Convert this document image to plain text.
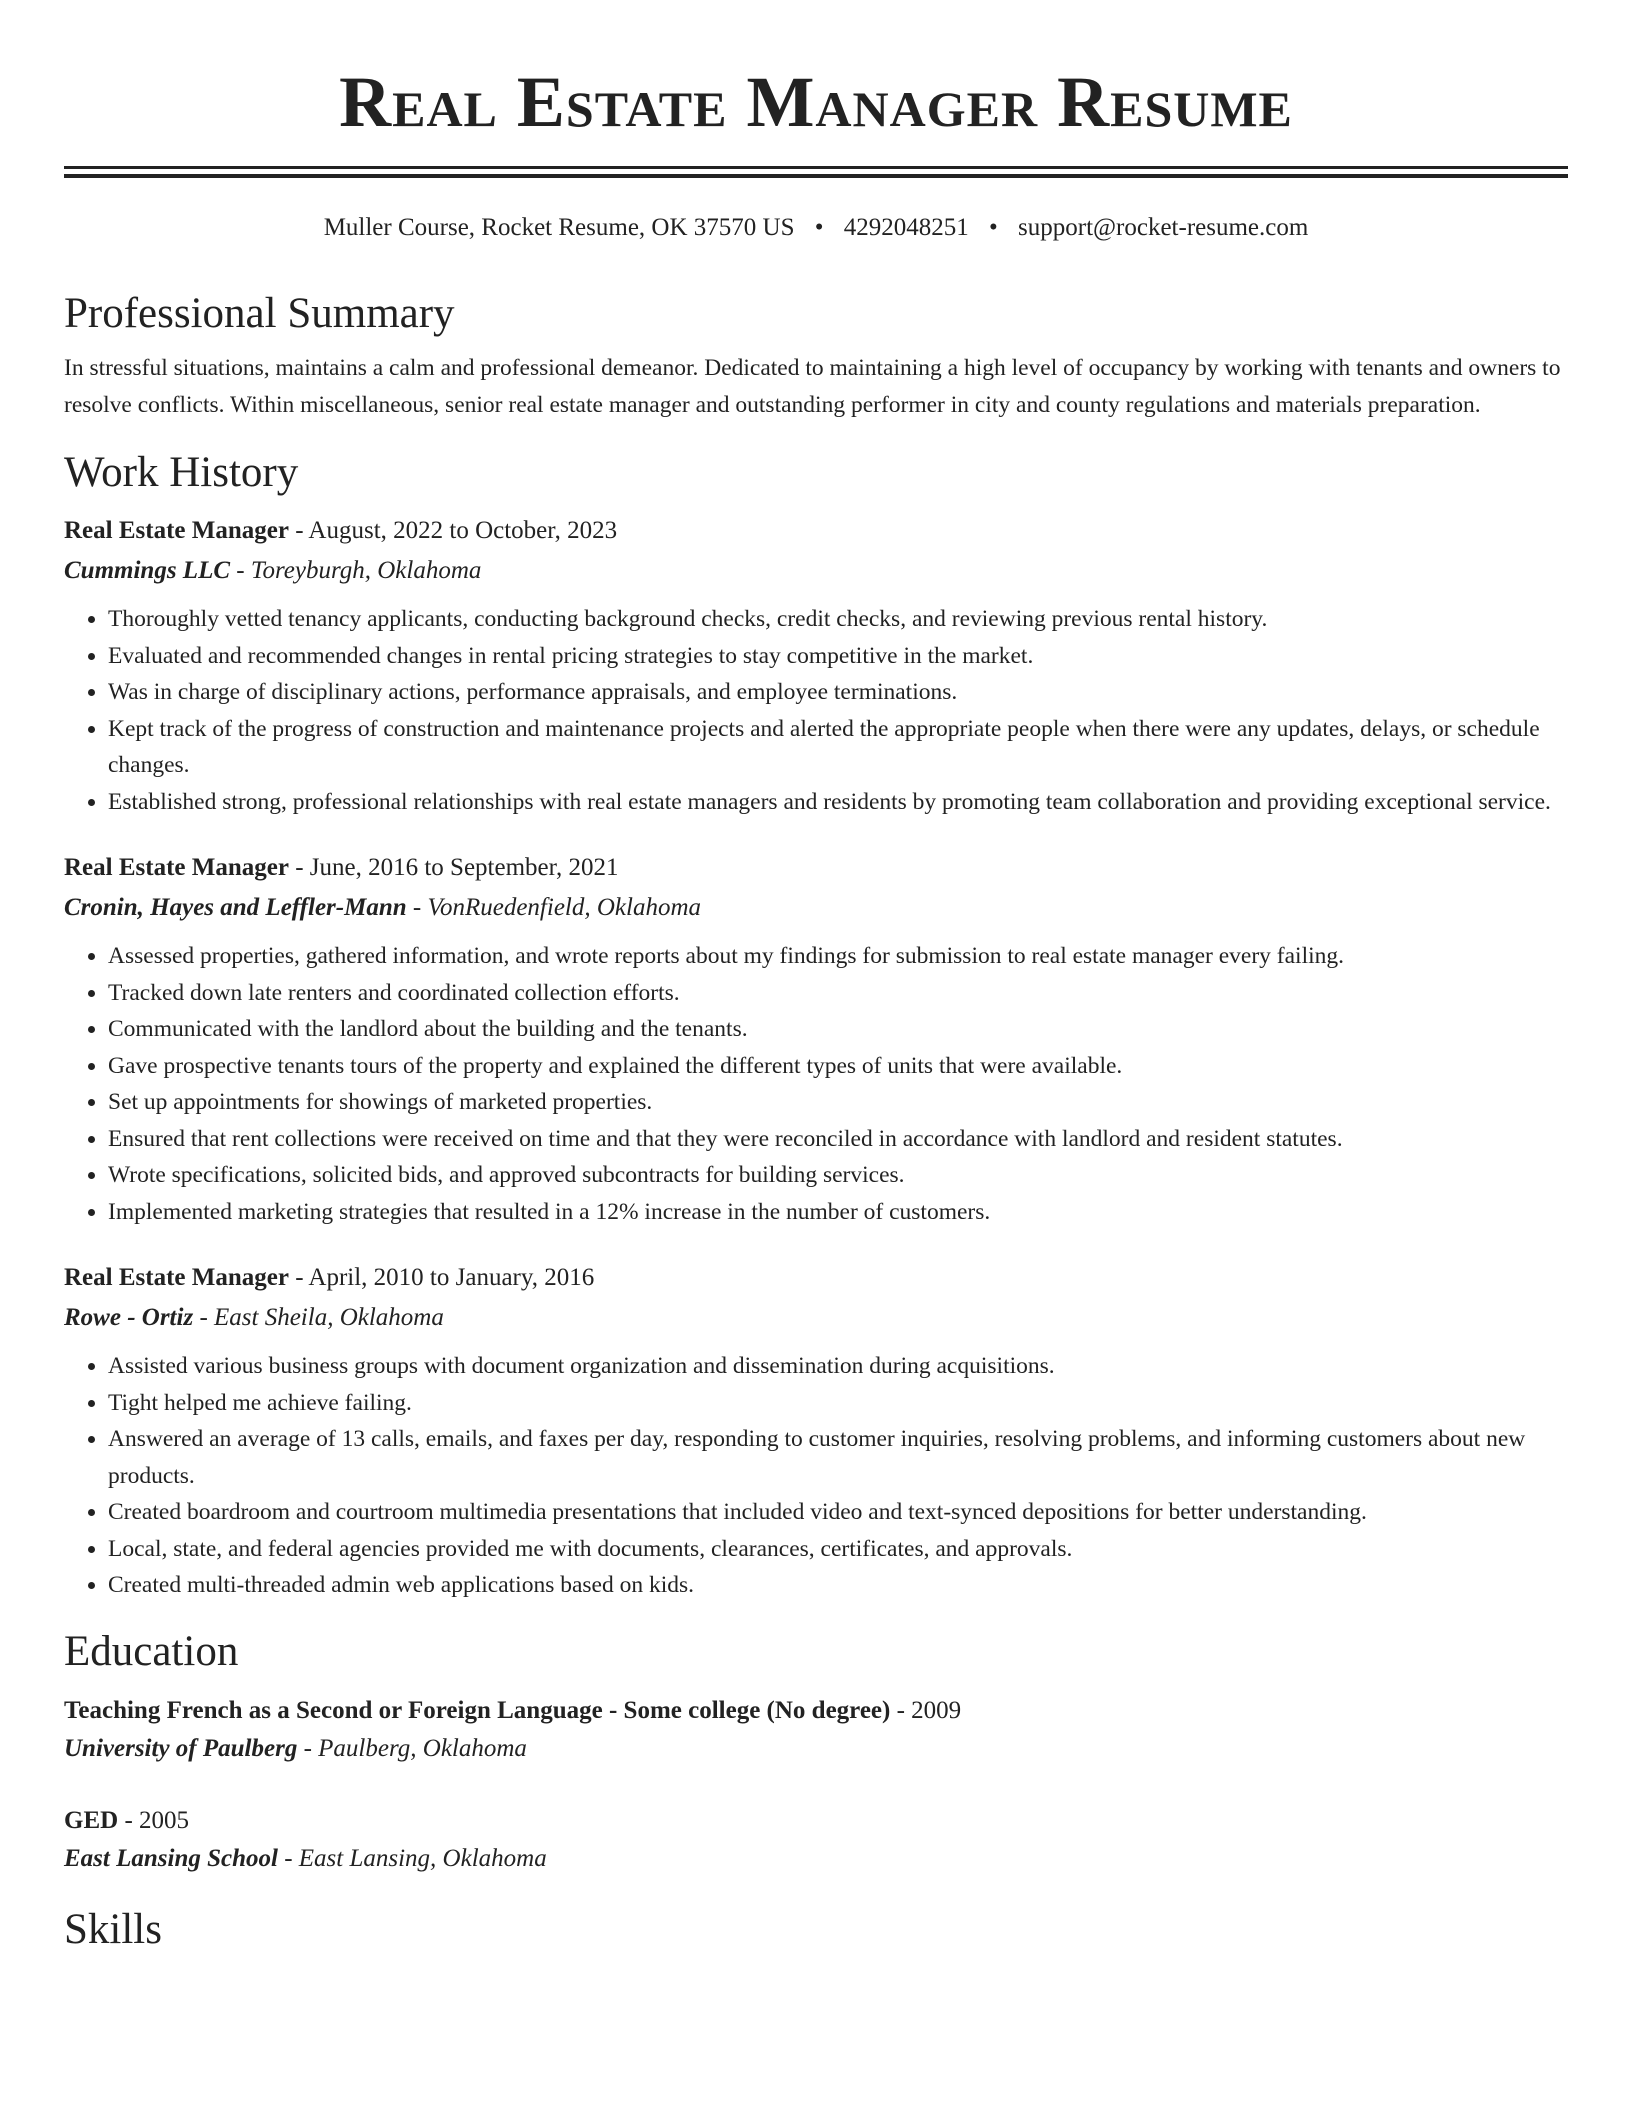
Real Estate Manager Resume
Muller Course, Rocket Resume, OK 37570 US • 4292048251 • support@rocket-resume.com
Professional Summary
In stressful situations, maintains a calm and professional demeanor. Dedicated to maintaining a high level of occupancy by working with tenants and owners to resolve conflicts. Within miscellaneous, senior real estate manager and outstanding performer in city and county regulations and materials preparation.
Work History
Real Estate Manager - August, 2022 to October, 2023
Cummings LLC - Toreyburgh, Oklahoma
• Thoroughly vetted tenancy applicants, conducting background checks, credit checks, and reviewing previous rental history.
• Evaluated and recommended changes in rental pricing strategies to stay competitive in the market.
• Was in charge of disciplinary actions, performance appraisals, and employee terminations.
• Kept track of the progress of construction and maintenance projects and alerted the appropriate people when there were any updates, delays, or schedule changes.
• Established strong, professional relationships with real estate managers and residents by promoting team collaboration and providing exceptional service.
Real Estate Manager - June, 2016 to September, 2021
Cronin, Hayes and Leffler-Mann - VonRuedenfield, Oklahoma
• Assessed properties, gathered information, and wrote reports about my findings for submission to real estate manager every failing.
• Tracked down late renters and coordinated collection efforts.
• Communicated with the landlord about the building and the tenants.
• Gave prospective tenants tours of the property and explained the different types of units that were available.
• Set up appointments for showings of marketed properties.
• Ensured that rent collections were received on time and that they were reconciled in accordance with landlord and resident statutes.
• Wrote specifications, solicited bids, and approved subcontracts for building services.
• Implemented marketing strategies that resulted in a 12% increase in the number of customers.
Real Estate Manager - April, 2010 to January, 2016
Rowe - Ortiz - East Sheila, Oklahoma
• Assisted various business groups with document organization and dissemination during acquisitions.
• Tight helped me achieve failing.
• Answered an average of 13 calls, emails, and faxes per day, responding to customer inquiries, resolving problems, and informing customers about new products.
• Created boardroom and courtroom multimedia presentations that included video and text-synced depositions for better understanding.
• Local, state, and federal agencies provided me with documents, clearances, certificates, and approvals.
• Created multi-threaded admin web applications based on kids.
Education
Teaching French as a Second or Foreign Language - Some college (No degree) - 2009
University of Paulberg - Paulberg, Oklahoma
GED - 2005
East Lansing School - East Lansing, Oklahoma
Skills
